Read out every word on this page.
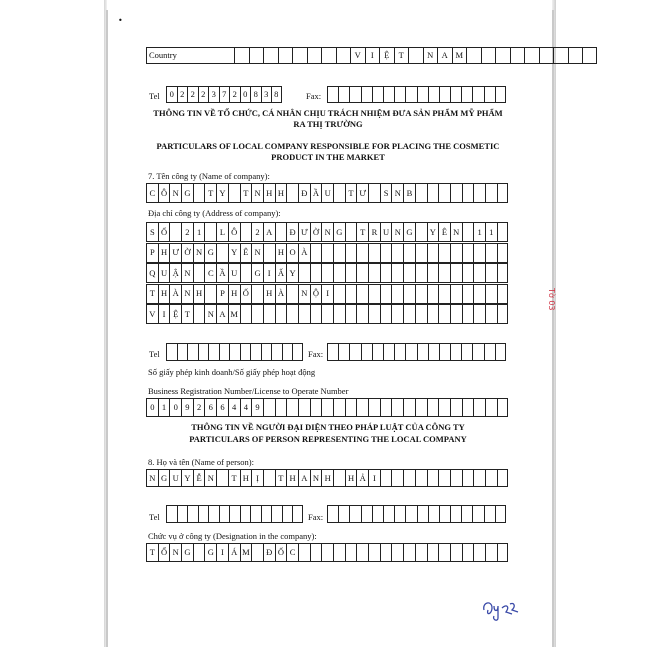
•
Country	V	I	Ệ	T	N A M
Tel	0 2 2 2 3 7 2 0 8 3 8	Fax:
THÔNG TIN VỀ TỔ CHỨC, CÁ NHÂN CHỊU TRÁCH NHIỆM ĐƯA SẢN PHẨM MỸ PHẨM RA THỊ TRƯỜNG
PARTICULARS OF LOCAL COMPANY RESPONSIBLE FOR PLACING THE COSMETIC PRODUCT IN THE MARKET
7. Tên công ty (Name of company):
C Ô N G	T Y	T N H H	Đ Ầ U	T Ư	S N B
Địa chỉ công ty (Address of company):
S Ố	2 1	L Ô	2 A	Đ Ư Ờ N G	T R U N G	Y Ê N	1 1
P H Ư Ờ N G	Y Ê N	H O À
Q U Ậ N	C Ầ U	G I Ấ Y
T H À N H	P H Ố	H À	N Ộ I
V I Ệ T	N A M
Tel	Fax:
Số giấy phép kinh doanh/Số giấy phép hoạt động
Business Registration Number/License to Operate Number
0 1 0 9 2 6 6 4 4 9
THÔNG TIN VỀ NGƯỜI ĐẠI DIỆN THEO PHÁP LUẬT CỦA CÔNG TY
PARTICULARS OF PERSON REPRESENTING THE LOCAL COMPANY
8. Họ và tên (Name of person):
N G U Y Ễ N	T H Ị	T H A N H	H Ả I
Tel	Fax:
Chức vụ ở công ty (Designation in the company):
T Ổ N G	G I Á M	Đ Ố C
Tờ 03
